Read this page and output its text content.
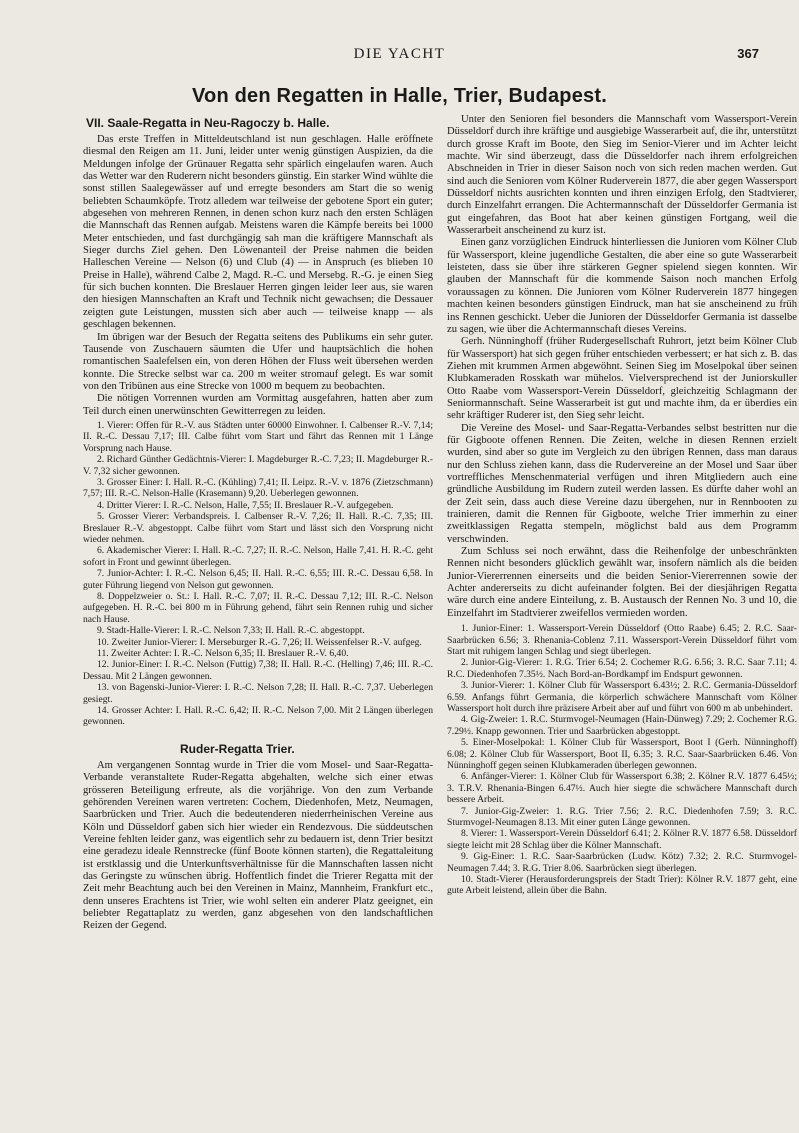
DIE YACHT	367
Von den Regatten in Halle, Trier, Budapest.
VII. Saale-Regatta in Neu-Ragoczy b. Halle.

Das erste Treffen in Mitteldeutschland ist nun geschlagen. Halle eröffnete diesmal den Reigen am 11. Juni, leider unter wenig günstigen Auspizien, da die Meldungen infolge der Grünauer Regatta sehr spärlich eingelaufen waren. Auch das Wetter war den Ruderern nicht besonders günstig. Ein starker Wind wühlte die sonst stillen Saalegewässer auf und erregte besonders am Start die so wenig beliebten Schaumköpfe. Trotz alledem war teilweise der gebotene Sport ein guter; abgesehen von mehreren Rennen, in denen schon kurz nach den ersten Schlägen die Mannschaft das Rennen aufgab. Meistens waren die Kämpfe bereits bei 1000 Meter entschieden, und fast durchgängig sah man die kräftigere Mannschaft als Sieger durchs Ziel gehen. Den Löwenanteil der Preise nahmen die beiden Halleschen Vereine — Nelson (6) und Club (4) — in Anspruch (es blieben 10 Preise in Halle), während Calbe 2, Magd. R.-C. und Mersebg. R.-G. je einen Sieg für sich buchen konnten. Die Breslauer Herren gingen leider leer aus, sie waren den hiesigen Mannschaften an Kraft und Technik nicht gewachsen; die Dessauer zeigten gute Leistungen, mussten sich aber auch — teilweise knapp — als geschlagen bekennen.

Im übrigen war der Besuch der Regatta seitens des Publikums ein sehr guter. Tausende von Zuschauern säumten die Ufer und hauptsächlich die hohen romantischen Saalefelsen ein, von deren Höhen der Fluss weit übersehen werden konnte. Die Strecke selbst war ca. 200 m weiter stromauf gelegt. Es war somit von den Tribünen aus eine Strecke von 1000 m bequem zu beobachten.

Die nötigen Vorrennen wurden am Vormittag ausgefahren, hatten aber zum Teil durch einen unerwünschten Gewitterregen zu leiden.

1. Vierer: Offen für R.-V. aus Städten unter 60000 Einwohner. I. Calbenser R.-V. 7,14; II. R.-C. Dessau 7,17; III. Calbe führt vom Start und fährt das Rennen mit 1 Länge Vorsprung nach Hause.

2. Richard Günther Gedächtnis-Vierer: I. Magdeburger R.-C. 7,23; II. Magdeburger R.-V. 7,32 sicher gewonnen.

3. Grosser Einer: I. Hall. R.-C. (Kühling) 7,41; II. Leipz. R.-V. v. 1876 (Zietzschmann) 7,57; III. R.-C. Nelson-Halle (Krasemann) 9,20. Ueberlegen gewonnen.

4. Dritter Vierer: I. R.-C. Nelson, Halle, 7,55; II. Breslauer R.-V. aufgegeben.

5. Grosser Vierer: Verbandspreis. I. Calbenser R.-V. 7,26; II. Hall. R.-C. 7,35; III. Breslauer R.-V. abgestoppt. Calbe führt vom Start und lässt sich den Vorsprung nicht wieder nehmen.

6. Akademischer Vierer: I. Hall. R.-C. 7,27; II. R.-C. Nelson, Halle 7,41. H. R.-C. geht sofort in Front und gewinnt überlegen.

7. Junior-Achter: I. R.-C. Nelson 6,45; II. Hall. R.-C. 6,55; III. R.-C. Dessau 6,58. In guter Führung liegend von Nelson gut gewonnen.

8. Doppelzweier o. St.: I. Hall. R.-C. 7,07; II. R.-C. Dessau 7,12; III. R.-C. Nelson aufgegeben. H. R.-C. bei 800 m in Führung gehend, fährt sein Rennen ruhig und sicher nach Hause.

9. Stadt-Halle-Vierer: I. R.-C. Nelson 7,33; II. Hall. R.-C. abgestoppt.

10. Zweiter Junior-Vierer: I. Merseburger R.-G. 7,26; II. Weissenfelser R.-V. aufgeg.

11. Zweiter Achter: I. R.-C. Nelson 6,35; II. Breslauer R.-V. 6,40.

12. Junior-Einer: I. R.-C. Nelson (Futtig) 7,38; II. Hall. R.-C. (Helling) 7,46; III. R.-C. Dessau. Mit 2 Längen gewonnen.

13. von Bagenski-Junior-Vierer: I. R.-C. Nelson 7,28; II. Hall. R.-C. 7,37. Ueberlegen gesiegt.

14. Grosser Achter: I. Hall. R.-C. 6,42; II. R.-C. Nelson 7,00. Mit 2 Längen überlegen gewonnen.

Ruder-Regatta Trier.

Am vergangenen Sonntag wurde in Trier die vom Mosel- und Saar-Regatta-Verbande veranstaltete Ruder-Regatta abgehalten, welche sich einer etwas grösseren Beteiligung erfreute, als die vorjährige. Von den zum Verbande gehörenden Vereinen waren vertreten: Cochem, Diedenhofen, Metz, Neumagen, Saarbrücken und Trier. Auch die bedeutenderen niederrheinischen Vereine aus Köln und Düsseldorf gaben sich hier wieder ein Rendezvous. Die süddeutschen Vereine fehlten leider ganz, was eigentlich sehr zu bedauern ist, denn Trier besitzt eine geradezu ideale Rennstrecke (fünf Boote können starten), die Regattaleitung ist erstklassig und die Unterkunftsverhältnisse für die Mannschaften lassen nicht das Geringste zu wünschen übrig. Hoffentlich findet die Trierer Regatta mit der Zeit mehr Beachtung auch bei den Vereinen in Mainz, Mannheim, Frankfurt etc., denn unseres Erachtens ist Trier, wie wohl selten ein anderer Platz geeignet, ein beliebter Regattaplatz zu werden, ganz abgesehen von den landschaftlichen Reizen der Gegend.

Unter den Senioren fiel besonders die Mannschaft vom Wassersport-Verein Düsseldorf durch ihre kräftige und ausgiebige Wasserarbeit auf, die ihr, unterstützt durch grosse Kraft im Boote, den Sieg im Senior-Vierer und im Achter leicht machte. Wir sind überzeugt, dass die Düsseldorfer nach ihrem erfolgreichen Abschneiden in Trier in dieser Saison noch von sich reden machen werden. Gut sind auch die Senioren vom Kölner Ruderverein 1877, die aber gegen Wassersport Düsseldorf nichts ausrichten konnten und ihren einzigen Erfolg, den Stadtvierer, durch Einzelfahrt errangen. Die Achtermannschaft der Düsseldorfer Germania ist gut eingefahren, das Boot hat aber keinen günstigen Fortgang, weil die Wasserarbeit anscheinend zu kurz ist.

Einen ganz vorzüglichen Eindruck hinterliessen die Junioren vom Kölner Club für Wassersport, kleine jugendliche Gestalten, die aber eine so gute Wasserarbeit leisteten, dass sie über ihre stärkeren Gegner spielend siegen konnten. Wir glauben der Mannschaft für die kommende Saison noch manchen Erfolg voraussagen zu können. Die Junioren vom Kölner Ruderverein 1877 hingegen machten keinen besonders günstigen Eindruck, man hat sie anscheinend zu früh ins Rennen geschickt. Ueber die Junioren der Düsseldorfer Germania ist dasselbe zu sagen, wie über die Achtermannschaft dieses Vereins.

Gerh. Nünninghoff (früher Rudergesellschaft Ruhrort, jetzt beim Kölner Club für Wassersport) hat sich gegen früher entschieden verbessert; er hat sich z. B. das Ziehen mit krummen Armen abgewöhnt. Seinen Sieg im Moselpokal über seinen Klubkameraden Rosskath war mühelos. Vielversprechend ist der Juniorskuller Otto Raabe vom Wassersport-Verein Düsseldorf, gleichzeitig Schlagmann der Seniormannschaft. Seine Wasserarbeit ist gut und machte ihm, da er überdies ein sehr kräftiger Ruderer ist, den Sieg sehr leicht.

Die Vereine des Mosel- und Saar-Regatta-Verbandes selbst bestritten nur die für Gigboote offenen Rennen. Die Zeiten, welche in diesen Rennen erzielt wurden, sind aber so gute im Vergleich zu den übrigen Rennen, dass man daraus nur den Schluss ziehen kann, dass die Rudervereine an der Mosel und Saar über vortreffliches Menschenmaterial verfügen und ihren Mitgliedern auch eine gründliche Ausbildung im Rudern zuteil werden lassen. Es dürfte daher wohl an der Zeit sein, dass auch diese Vereine dazu übergehen, nur in Rennbooten zu trainieren, damit die Rennen für Gigboote, welche Trier immerhin zu einer zweitklassigen Regatta stempeln, möglichst bald aus dem Programm verschwinden.

Zum Schluss sei noch erwähnt, dass die Reihenfolge der unbeschränkten Rennen nicht besonders glücklich gewählt war, insofern nämlich als die beiden Junior-Viererrennen einerseits und die beiden Senior-Viererrennen sowie der Achter andererseits zu dicht aufeinander folgten. Bei der diesjährigen Regatta wäre durch eine andere Einteilung, z. B. Austausch der Rennen No. 3 und 10, die Einzelfahrt im Stadtvierer zweifellos vermieden worden.

1. Junior-Einer: 1. Wassersport-Verein Düsseldorf (Otto Raabe) 6.45; 2. R.C. Saar-Saarbrücken 6.56; 3. Rhenania-Coblenz 7.11. Wassersport-Verein Düsseldorf führt vom Start mit ruhigem langen Schlag und siegt überlegen.

2. Junior-Gig-Vierer: 1. R.G. Trier 6.54; 2. Cochemer R.G. 6.56; 3. R.C. Saar 7.11; 4. R.C. Diedenhofen 7.35½. Nach Bord-an-Bordkampf im Endspurt gewonnen.

3. Junior-Vierer: 1. Kölner Club für Wassersport 6.43½; 2. R.C. Germania-Düsseldorf 6.59. Anfangs führt Germania, die körperlich schwächere Mannschaft vom Kölner Wassersport holt durch ihre präzisere Arbeit aber auf und führt von 600 m ab unbehindert.

4. Gig-Zweier: 1. R.C. Sturmvogel-Neumagen (Hain-Dünweg) 7.29; 2. Cochemer R.G. 7.29½. Knapp gewonnen. Trier und Saarbrücken abgestoppt.

5. Einer-Moselpokal: 1. Kölner Club für Wassersport, Boot I (Gerh. Nünninghoff) 6.08; 2. Kölner Club für Wassersport, Boot II, 6.35; 3. R.C. Saar-Saarbrücken 6.46. Von Nünninghoff gegen seinen Klubkameraden überlegen gewonnen.

6. Anfänger-Vierer: 1. Kölner Club für Wassersport 6.38; 2. Kölner R.V. 1877 6.45½; 3. T.R.V. Rhenania-Bingen 6.47½. Auch hier siegte die schwächere Mannschaft durch bessere Arbeit.

7. Junior-Gig-Zweier: 1. R.G. Trier 7.56; 2. R.C. Diedenhofen 7.59; 3. R.C. Sturmvogel-Neumagen 8.13. Mit einer guten Länge gewonnen.

8. Vierer: 1. Wassersport-Verein Düsseldorf 6.41; 2. Kölner R.V. 1877 6.58. Düsseldorf siegte leicht mit 28 Schlag über die Kölner Mannschaft.

9. Gig-Einer: 1. R.C. Saar-Saarbrücken (Ludw. Kötz) 7.32; 2. R.C. Sturmvogel-Neumagen 7.44; 3. R.G. Trier 8.06. Saarbrücken siegt überlegen.

10. Stadt-Vierer (Herausforderungspreis der Stadt Trier): Kölner R.V. 1877 geht, eine gute Arbeit leistend, allein über die Bahn.
